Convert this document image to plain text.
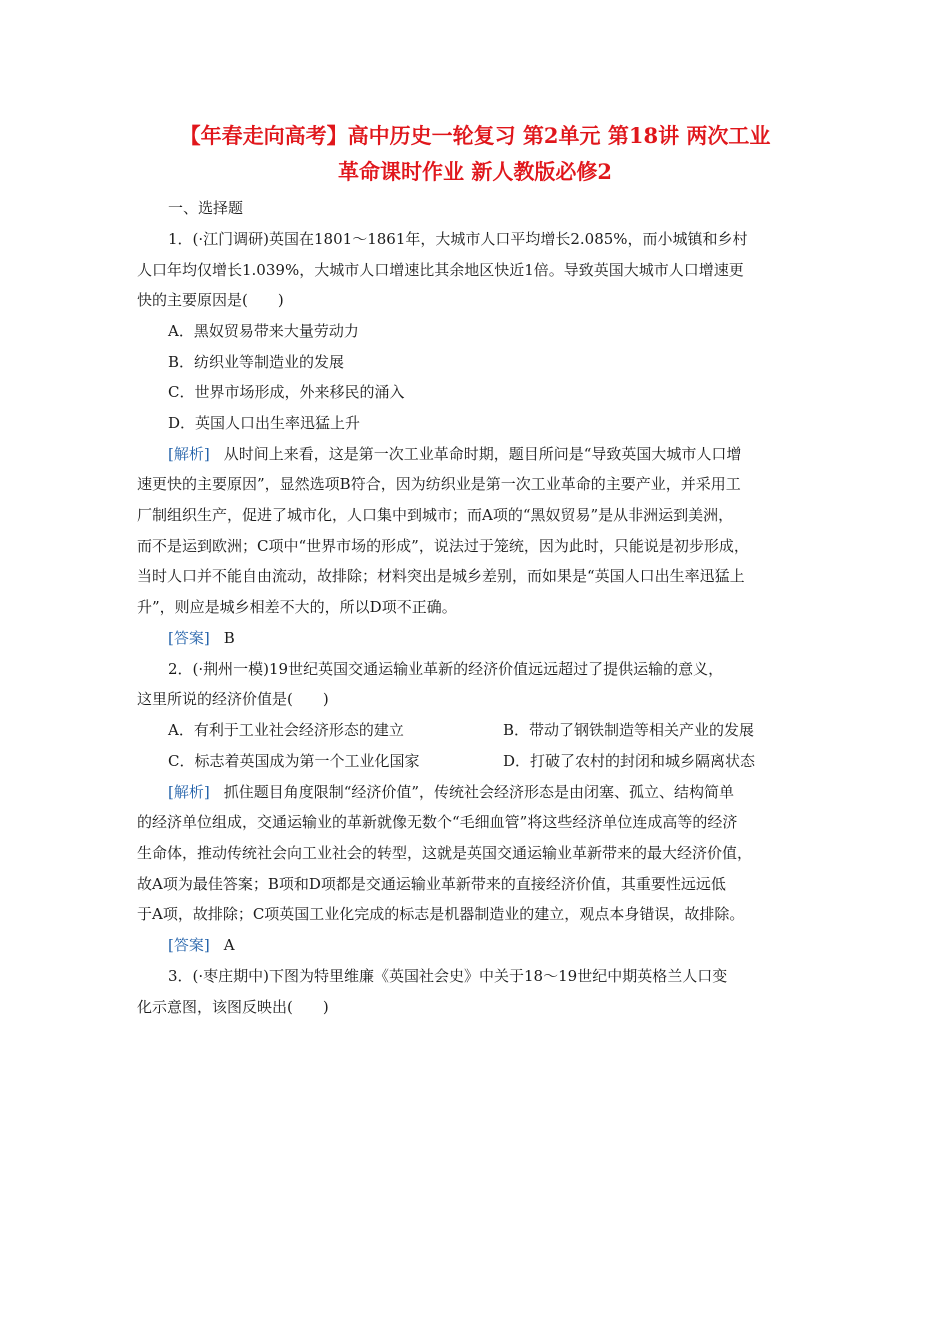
【年春走向高考】高中历史一轮复习 第2单元 第18讲 两次工业
革命课时作业 新人教版必修2
一、选择题
1．(·江门调研)英国在1801～1861年，大城市人口平均增长2.085%，而小城镇和乡村
人口年均仅增长1.039%，大城市人口增速比其余地区快近1倍。导致英国大城市人口增速更
快的主要原因是(　　)
A．黑奴贸易带来大量劳动力
B．纺织业等制造业的发展
C．世界市场形成，外来移民的涌入
D．英国人口出生率迅猛上升
[解析] 从时间上来看，这是第一次工业革命时期，题目所问是“导致英国大城市人口增
速更快的主要原因”，显然选项B符合，因为纺织业是第一次工业革命的主要产业，并采用工
厂制组织生产，促进了城市化，人口集中到城市；而A项的“黑奴贸易”是从非洲运到美洲，
而不是运到欧洲；C项中“世界市场的形成”，说法过于笼统，因为此时，只能说是初步形成，
当时人口并不能自由流动，故排除；材料突出是城乡差别，而如果是“英国人口出生率迅猛上
升”，则应是城乡相差不大的，所以D项不正确。
[答案] B
2．(·荆州一模)19世纪英国交通运输业革新的经济价值远远超过了提供运输的意义，
这里所说的经济价值是(　　)
A．有利于工业社会经济形态的建立	B．带动了钢铁制造等相关产业的发展
C．标志着英国成为第一个工业化国家	D．打破了农村的封闭和城乡隔离状态
[解析] 抓住题目角度限制“经济价值”，传统社会经济形态是由闭塞、孤立、结构简单
的经济单位组成，交通运输业的革新就像无数个“毛细血管”将这些经济单位连成高等的经济
生命体，推动传统社会向工业社会的转型，这就是英国交通运输业革新带来的最大经济价值，
故A项为最佳答案；B项和D项都是交通运输业革新带来的直接经济价值，其重要性远远低
于A项，故排除；C项英国工业化完成的标志是机器制造业的建立，观点本身错误，故排除。
[答案] A
3．(·枣庄期中)下图为特里维廉《英国社会史》中关于18～19世纪中期英格兰人口变
化示意图，该图反映出(　　)
